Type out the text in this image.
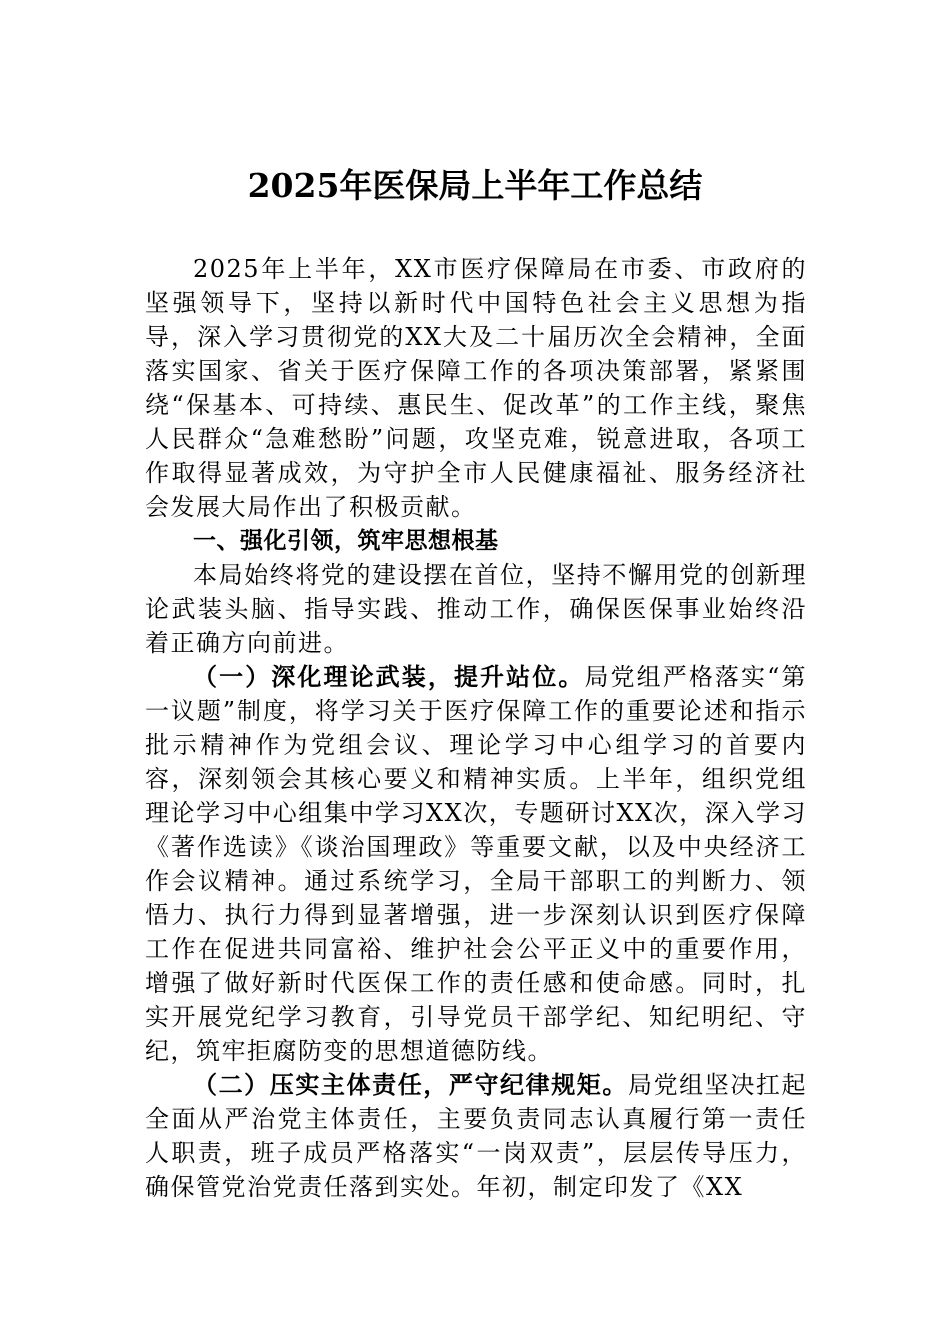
2025年医保局上半年工作总结

2025年上半年，XX市医疗保障局在市委、市政府的坚强领导下，坚持以新时代中国特色社会主义思想为指导，深入学习贯彻党的XX大及二十届历次全会精神，全面落实国家、省关于医疗保障工作的各项决策部署，紧紧围绕“保基本、可持续、惠民生、促改革”的工作主线，聚焦人民群众“急难愁盼”问题，攻坚克难，锐意进取，各项工作取得显著成效，为守护全市人民健康福祉、服务经济社会发展大局作出了积极贡献。

一、强化引领，筑牢思想根基

本局始终将党的建设摆在首位，坚持不懈用党的创新理论武装头脑、指导实践、推动工作，确保医保事业始终沿着正确方向前进。

（一）深化理论武装，提升站位。局党组严格落实“第一议题”制度，将学习关于医疗保障工作的重要论述和指示批示精神作为党组会议、理论学习中心组学习的首要内容，深刻领会其核心要义和精神实质。上半年，组织党组理论学习中心组集中学习XX次，专题研讨XX次，深入学习《著作选读》《谈治国理政》等重要文献，以及中央经济工作会议精神。通过系统学习，全局干部职工的判断力、领悟力、执行力得到显著增强，进一步深刻认识到医疗保障工作在促进共同富裕、维护社会公平正义中的重要作用，增强了做好新时代医保工作的责任感和使命感。同时，扎实开展党纪学习教育，引导党员干部学纪、知纪明纪、守纪，筑牢拒腐防变的思想道德防线。

（二）压实主体责任，严守纪律规矩。局党组坚决扛起全面从严治党主体责任，主要负责同志认真履行第一责任人职责，班子成员严格落实“一岗双责”，层层传导压力，确保管党治党责任落到实处。年初，制定印发了《XX
